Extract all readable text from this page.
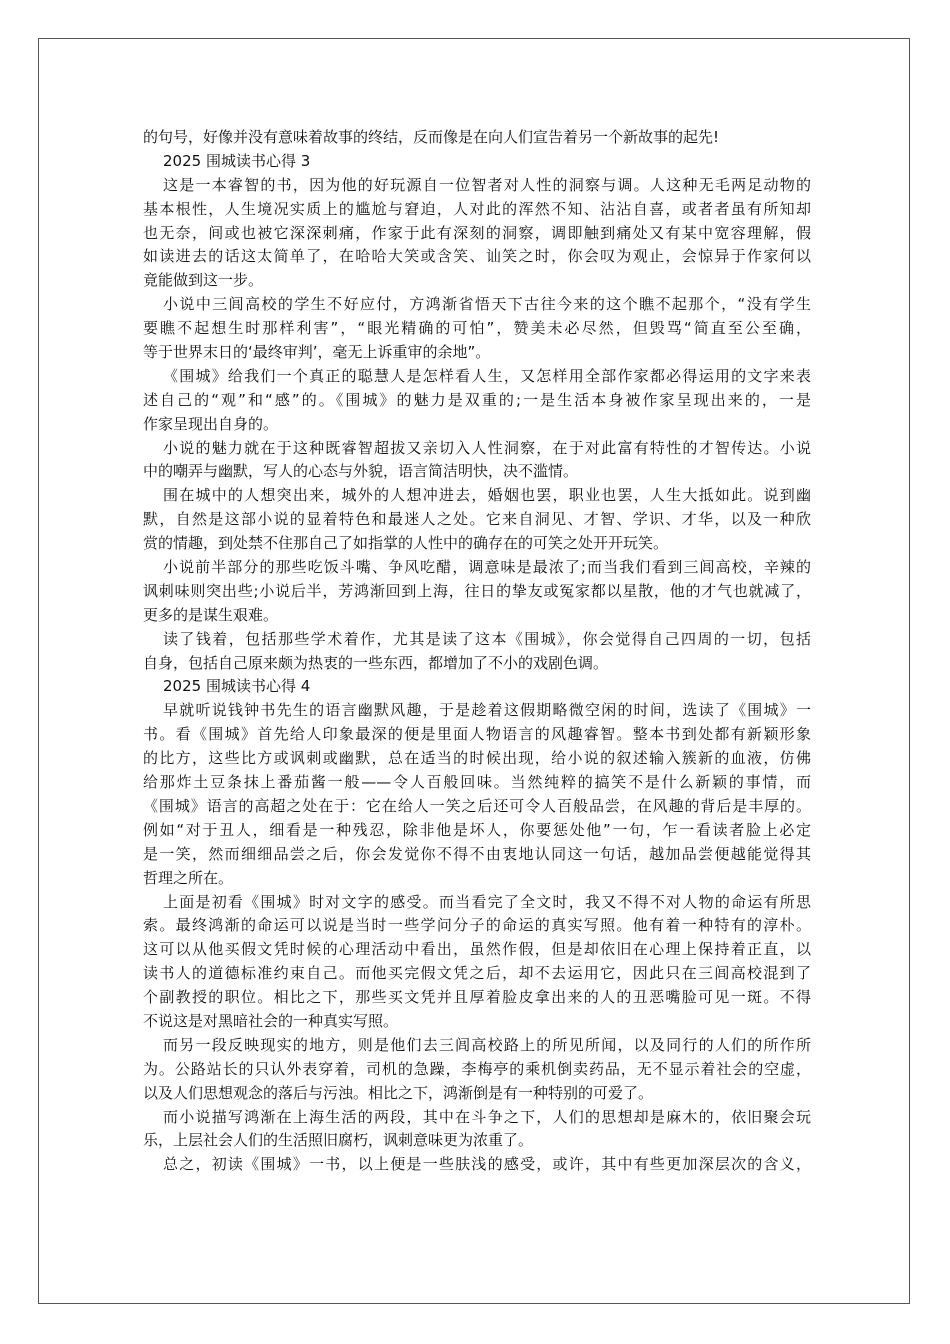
的句号，好像并没有意味着故事的终结，反而像是在向人们宣告着另一个新故事的起先!
2025 围城读书心得 3
这是一本睿智的书，因为他的好玩源自一位智者对人性的洞察与调。人这种无毛两足动物的
基本根性，人生境况实质上的尴尬与窘迫，人对此的浑然不知、沾沾自喜，或者者虽有所知却
也无奈，间或也被它深深刺痛，作家于此有深刻的洞察，调即触到痛处又有某中宽容理解，假
如读进去的话这太简单了，在哈哈大笑或含笑、讪笑之时，你会叹为观止，会惊异于作家何以
竟能做到这一步。
小说中三闾高校的学生不好应付，方鸿渐省悟天下古往今来的这个瞧不起那个，“没有学生
要瞧不起想生时那样利害”，“眼光精确的可怕”，赞美未必尽然，但毁骂“简直至公至确，
等于世界末日的‘最终审判’，毫无上诉重审的余地”。
《围城》给我们一个真正的聪慧人是怎样看人生，又怎样用全部作家都必得运用的文字来表
述自己的“观”和“感”的。《围城》的魅力是双重的;一是生活本身被作家呈现出来的，一是
作家呈现出自身的。
小说的魅力就在于这种既睿智超拔又亲切入人性洞察，在于对此富有特性的才智传达。小说
中的嘲弄与幽默，写人的心态与外貌，语言简洁明快，决不滥情。
围在城中的人想突出来，城外的人想冲进去，婚姻也罢，职业也罢，人生大抵如此。说到幽
默，自然是这部小说的显着特色和最迷人之处。它来自洞见、才智、学识、才华，以及一种欣
赏的情趣，到处禁不住那自己了如指掌的人性中的确存在的可笑之处开开玩笑。
小说前半部分的那些吃饭斗嘴、争风吃醋，调意味是最浓了;而当我们看到三闾高校，辛辣的
讽刺味则突出些;小说后半，芳鸿渐回到上海，往日的挚友或冤家都以星散，他的才气也就减了，
更多的是谋生艰难。
读了钱着，包括那些学术着作，尤其是读了这本《围城》，你会觉得自己四周的一切，包括
自身，包括自己原来颇为热衷的一些东西，都增加了不小的戏剧色调。
2025 围城读书心得 4
早就听说钱钟书先生的语言幽默风趣，于是趁着这假期略微空闲的时间，选读了《围城》一
书。看《围城》首先给人印象最深的便是里面人物语言的风趣睿智。整本书到处都有新颖形象
的比方，这些比方或讽刺或幽默，总在适当的时候出现，给小说的叙述输入簇新的血液，仿佛
给那炸土豆条抹上番茄酱一般——令人百般回味。当然纯粹的搞笑不是什么新颖的事情，而
《围城》语言的高超之处在于：它在给人一笑之后还可令人百般品尝，在风趣的背后是丰厚的。
例如“对于丑人，细看是一种残忍，除非他是坏人，你要惩处他”一句，乍一看读者脸上必定
是一笑，然而细细品尝之后，你会发觉你不得不由衷地认同这一句话，越加品尝便越能觉得其
哲理之所在。
上面是初看《围城》时对文字的感受。而当看完了全文时，我又不得不对人物的命运有所思
索。最终鸿渐的命运可以说是当时一些学问分子的命运的真实写照。他有着一种特有的淳朴。
这可以从他买假文凭时候的心理活动中看出，虽然作假，但是却依旧在心理上保持着正直，以
读书人的道德标准约束自己。而他买完假文凭之后，却不去运用它，因此只在三闾高校混到了
个副教授的职位。相比之下，那些买文凭并且厚着脸皮拿出来的人的丑恶嘴脸可见一斑。不得
不说这是对黑暗社会的一种真实写照。
而另一段反映现实的地方，则是他们去三闾高校路上的所见所闻，以及同行的人们的所作所
为。公路站长的只认外表穿着，司机的急躁，李梅亭的乘机倒卖药品，无不显示着社会的空虚，
以及人们思想观念的落后与污浊。相比之下，鸿渐倒是有一种特别的可爱了。
而小说描写鸿渐在上海生活的两段，其中在斗争之下，人们的思想却是麻木的，依旧聚会玩
乐，上层社会人们的生活照旧腐朽，讽刺意味更为浓重了。
总之，初读《围城》一书，以上便是一些肤浅的感受，或许，其中有些更加深层次的含义，
